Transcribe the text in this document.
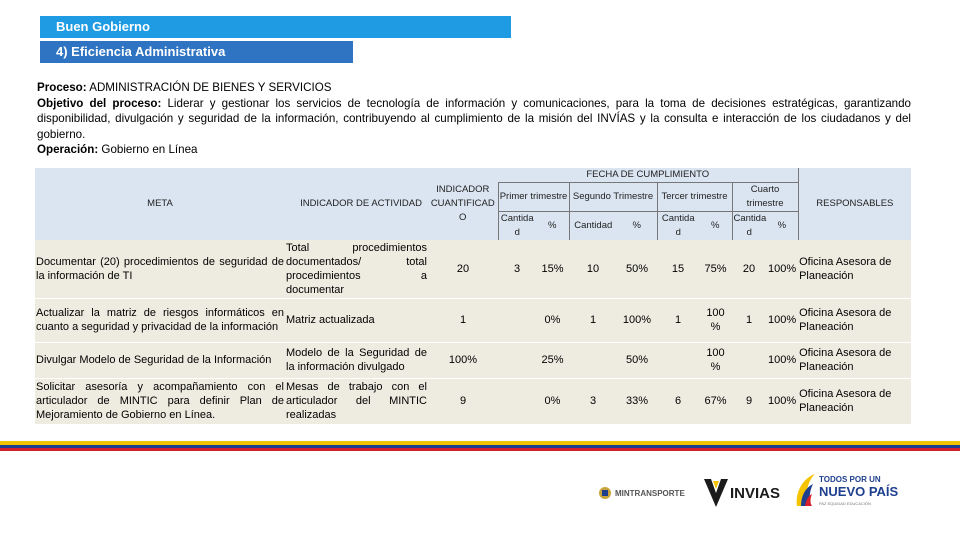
Buen Gobierno
4) Eficiencia Administrativa

Proceso: ADMINISTRACIÓN DE BIENES Y SERVICIOS

Objetivo del proceso: Liderar y gestionar los servicios de tecnología de información y comunicaciones, para la toma de decisiones estratégicas, garantizando disponibilidad, divulgación y seguridad de la información, contribuyendo al cumplimiento de la misión del INVÍAS y la consulta e interacción de los ciudadanos y del gobierno.

Operación: Gobierno en Línea

META	INDICADOR DE ACTIVIDAD	INDICADOR CUANTIFICAD O	FECHA DE CUMPLIMIENTO								RESPONSABLES
			Primer trimestre		Segundo Trimestre		Tercer trimestre		Cuarto trimestre		
			Cantida d	%	Cantidad	%	Cantida d	%	Cantida d	%	
Documentar (20) procedimientos de seguridad de la información de TI	Total procedimientos documentados/ total procedimientos a documentar	20	3	15%	10	50%	15	75%	20	100%	Oficina Asesora de Planeación
Actualizar la matriz de riesgos informáticos en cuanto a seguridad y privacidad de la información	Matriz actualizada	1		0%	1	100%	1	100 %	1	100%	Oficina Asesora de Planeación
Divulgar Modelo de Seguridad de la Información	Modelo de la Seguridad de la información divulgado	100%		25%		50%		100 %		100%	Oficina Asesora de Planeación
Solicitar asesoría y acompañamiento con el articulador de MINTIC para definir Plan de Mejoramiento de Gobierno en Línea.	Mesas de trabajo con el articulador del MINTIC realizadas	9		0%	3	33%	6	67%	9	100%	Oficina Asesora de Planeación
MINTRANSPORTE	INVIAS
TODOS POR UN
NUEVO PAÍS
PAZ EQUIDAD EDUCACIÓN
